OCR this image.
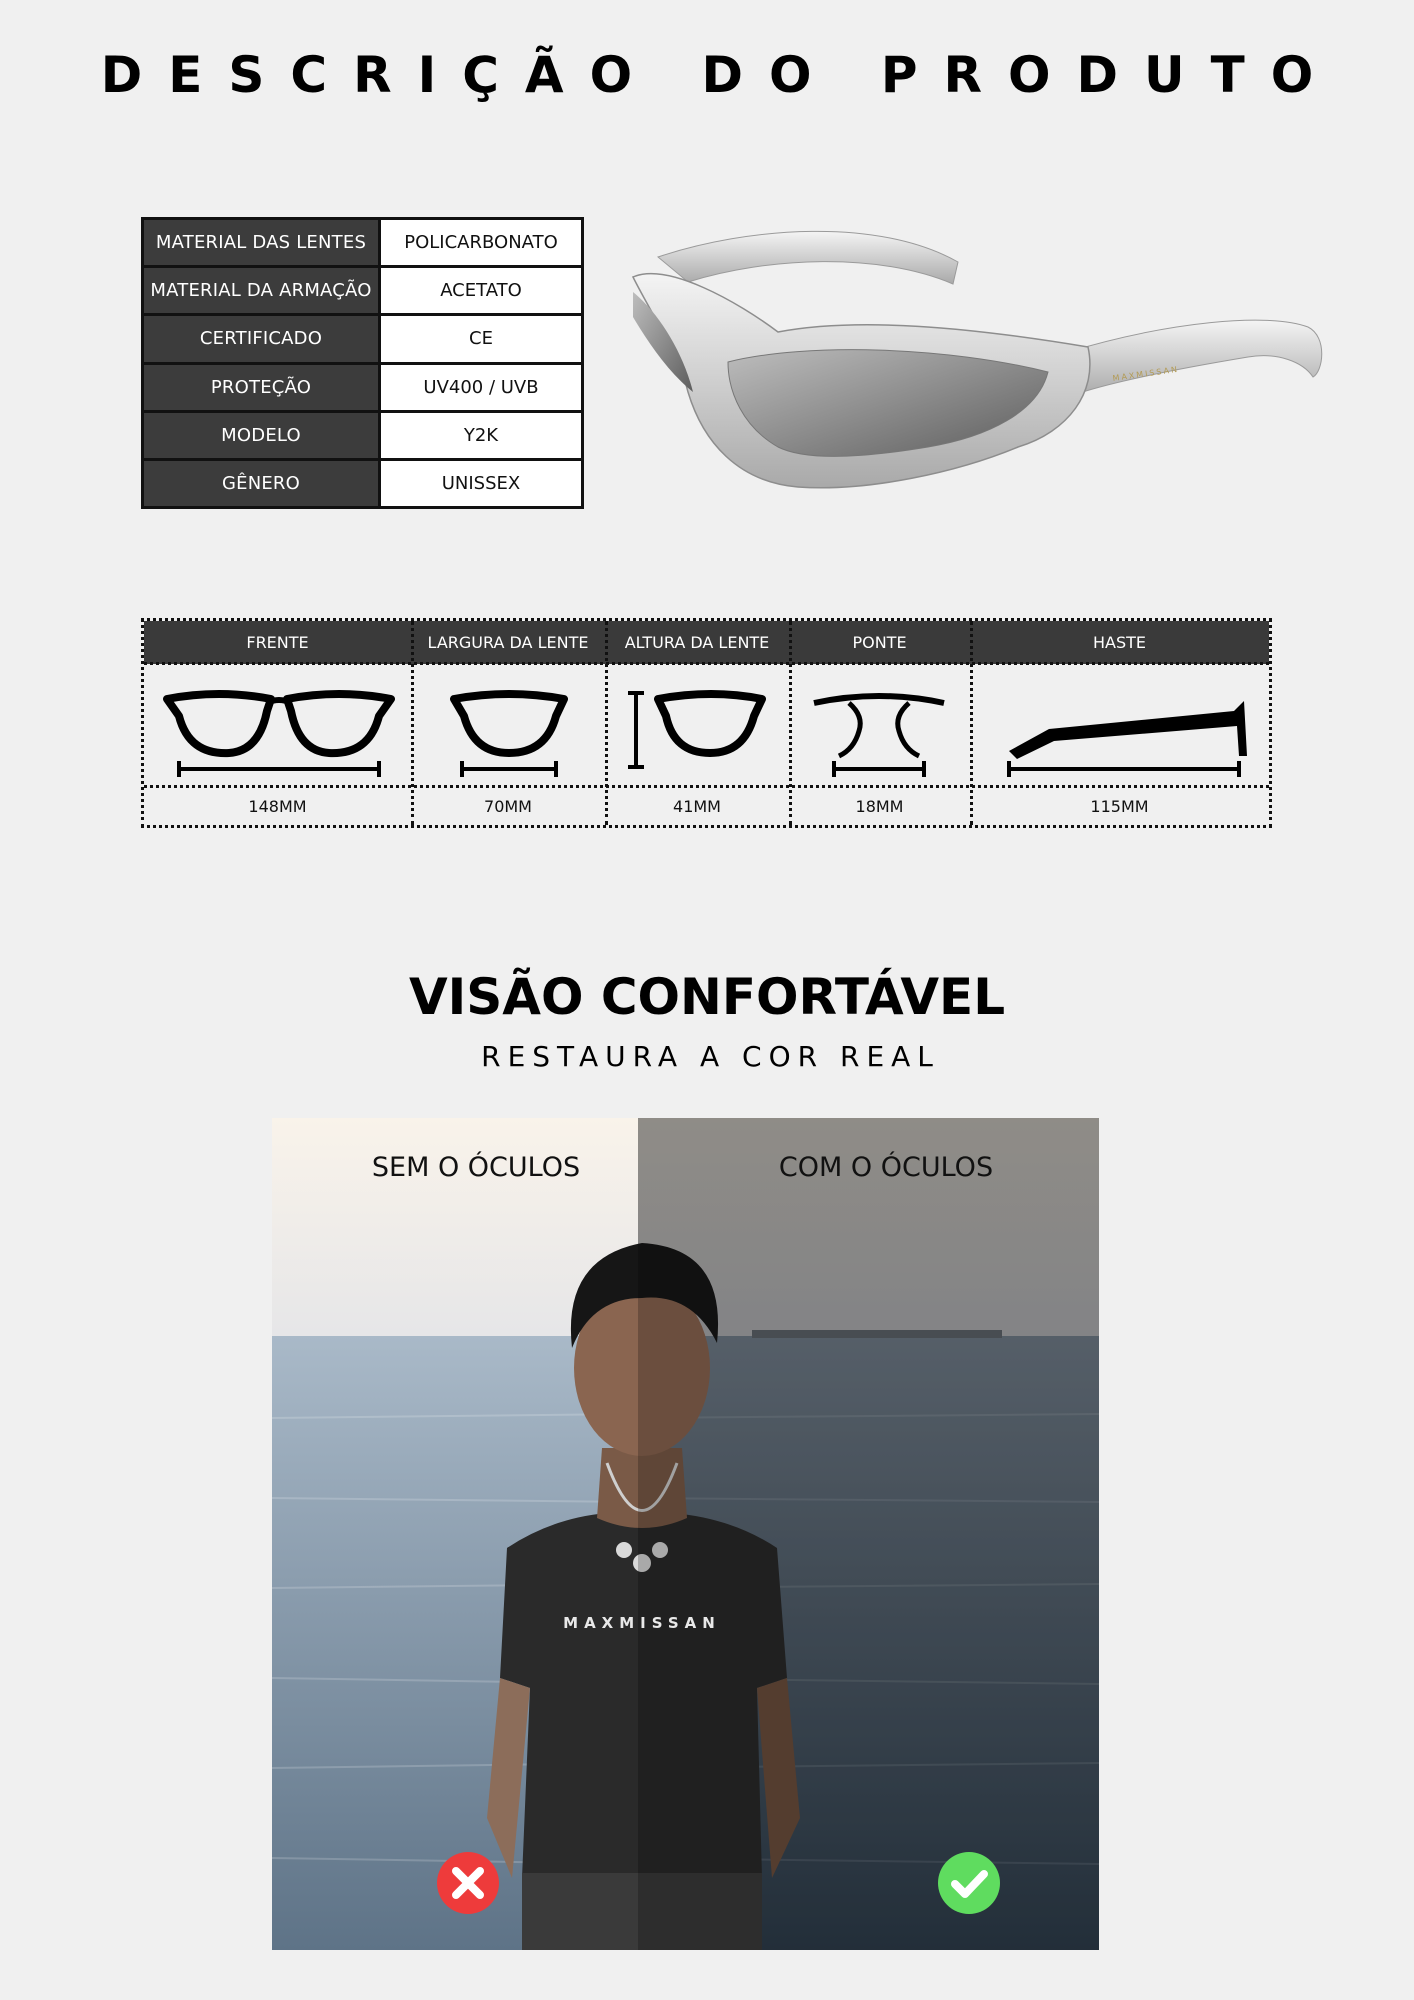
DESCRIÇÃO DO PRODUTO
MATERIAL DAS LENTES	POLICARBONATO
MATERIAL DA ARMAÇÃO	ACETATO
CERTIFICADO	CE
PROTEÇÃO	UV400 / UVB
MODELO	Y2K
GÊNERO	UNISSEX
MAXMISSAN
FRENTE	LARGURA DA LENTE	ALTURA DA LENTE	PONTE	HASTE
148MM	70MM	41MM	18MM	115MM
VISÃO CONFORTÁVEL
RESTAURA A COR REAL
MAXMISSAN
SEM O ÓCULOS	COM O ÓCULOS
